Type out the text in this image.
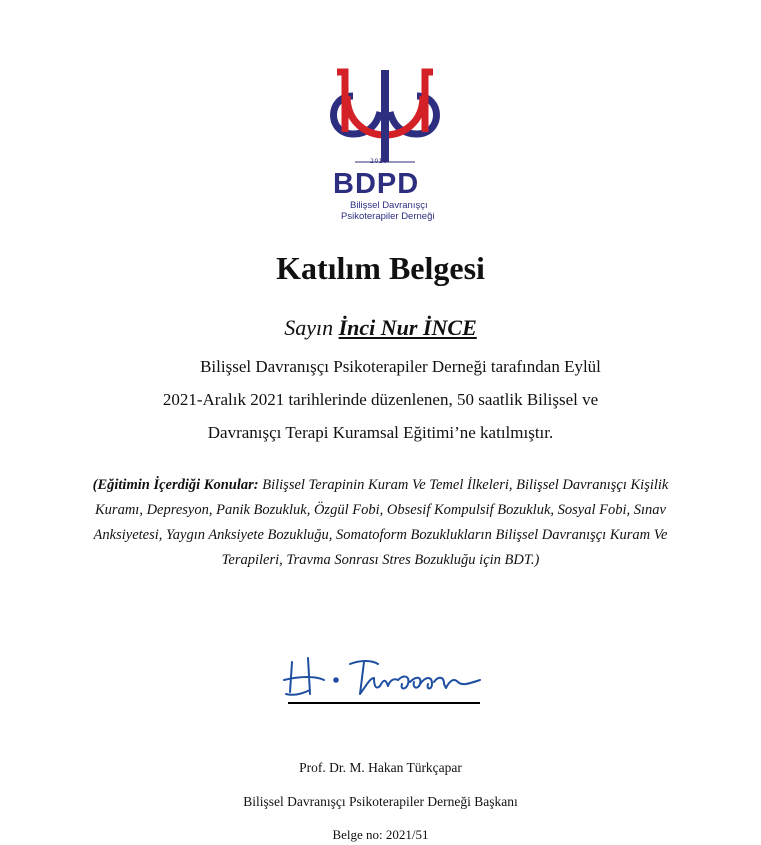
2010
BDPD
Bilişsel Davranışçı
Psikoterapiler Derneği
Katılım Belgesi
Sayın İnci Nur İNCE
Bilişsel Davranışçı Psikoterapiler Derneği tarafından Eylül
2021-Aralık 2021 tarihlerinde düzenlenen, 50 saatlik Bilişsel ve
Davranışçı Terapi Kuramsal Eğitimi’ne katılmıştır.
(Eğitimin İçerdiği Konular: Bilişsel Terapinin Kuram Ve Temel İlkeleri, Bilişsel Davranışçı Kişilik Kuramı, Depresyon, Panik Bozukluk, Özgül Fobi, Obsesif Kompulsif Bozukluk, Sosyal Fobi, Sınav Anksiyetesi, Yaygın Anksiyete Bozukluğu, Somatoform Bozuklukların Bilişsel Davranışçı Kuram Ve Terapileri, Travma Sonrası Stres Bozukluğu için BDT.)
Prof. Dr. M. Hakan Türkçapar
Bilişsel Davranışçı Psikoterapiler Derneği Başkanı
Belge no: 2021/51
